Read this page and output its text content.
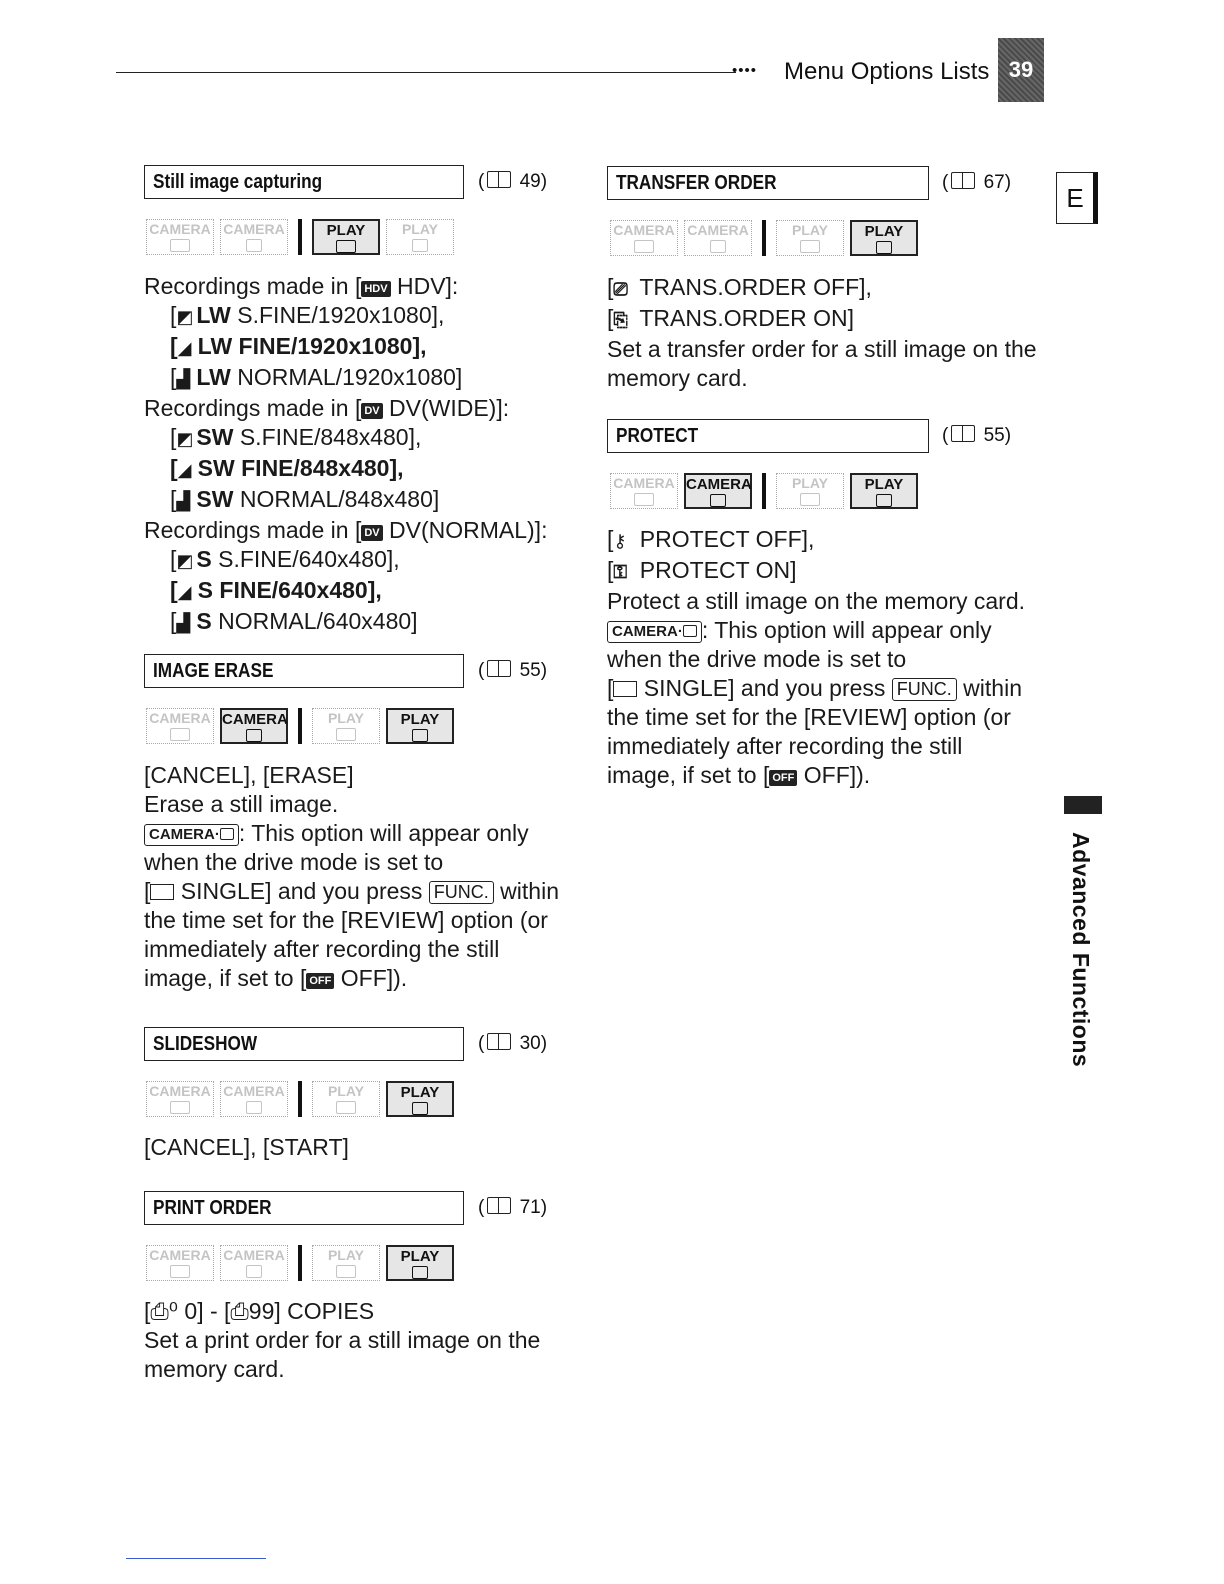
•••• Menu Options Lists 39
E
Advanced Functions
Still image capturing	( 49)
CAMERA CAMERA	PLAY	PLAY

Recordings made in [ HDV HDV]:
[◩ LW S.FINE/1920x1080],
[◢ LW FINE/1920x1080],
[▟ LW NORMAL/1920x1080]
Recordings made in [ DV DV(WIDE)]:
[◩ SW S.FINE/848x480],
[◢ SW FINE/848x480],
[▟ SW NORMAL/848x480]
Recordings made in [ DV DV(NORMAL)]:
[◩ S S.FINE/640x480],
[◢ S FINE/640x480],
[▟ S NORMAL/640x480]
IMAGE ERASE	( 55)
CAMERA CAMERA	PLAY	PLAY

[CANCEL], [ERASE]
Erase a still image.
CAMERA· : This option will appear only
when the drive mode is set to
[ SINGLE] and you press FUNC. within
the time set for the [REVIEW] option (or
immediately after recording the still
image, if set to [ OFF OFF]).
SLIDESHOW	( 30)
CAMERA CAMERA	PLAY	PLAY

[CANCEL], [START]
PRINT ORDER	( 71)
CAMERA CAMERA	PLAY	PLAY

[⎙⁰ 0] - [⎙99] COPIES
Set a print order for a still image on the
memory card.
TRANSFER ORDER	( 67)
CAMERA CAMERA	PLAY	PLAY

[⎚ TRANS.ORDER OFF],
[⎘ TRANS.ORDER ON]
Set a transfer order for a still image on the
memory card.
PROTECT	( 55)
CAMERA CAMERA	PLAY	PLAY

[⚷ PROTECT OFF],
[⚿ PROTECT ON]
Protect a still image on the memory card.
CAMERA· : This option will appear only
when the drive mode is set to
[ SINGLE] and you press FUNC. within
the time set for the [REVIEW] option (or
immediately after recording the still
image, if set to [ OFF OFF]).
